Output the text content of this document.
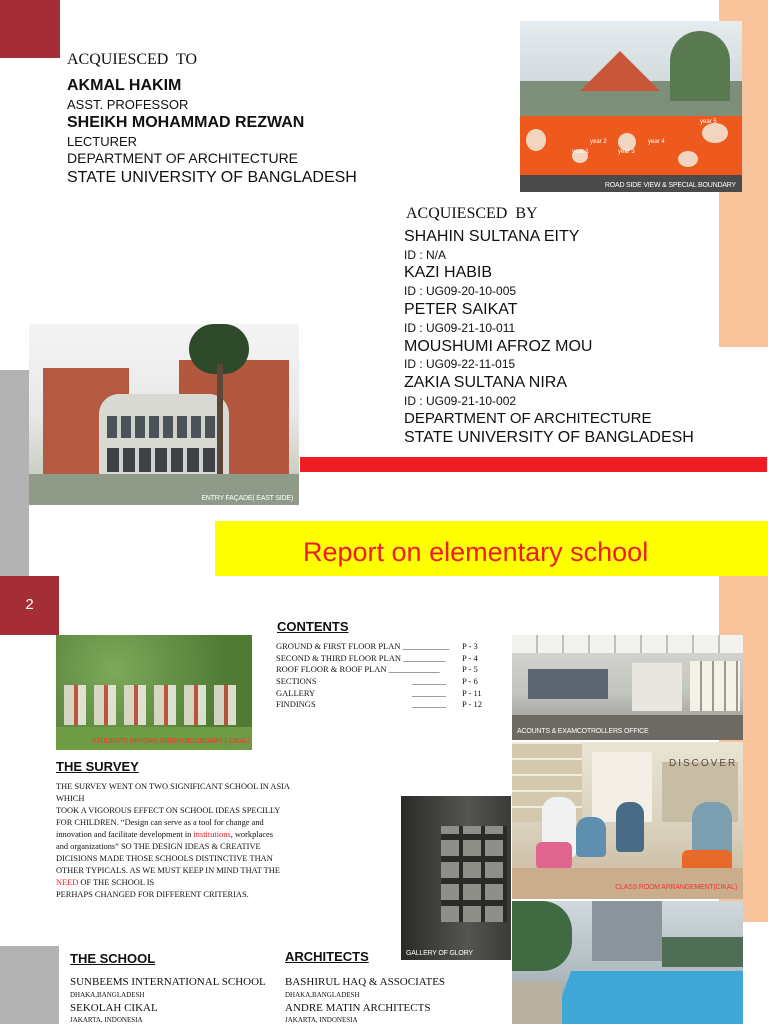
Report on elementary school
2
ACQUIESCED  TO
AKMAL HAKIM
ASST. PROFESSOR
SHEIKH MOHAMMAD REZWAN
LECTURER
DEPARTMENT OF ARCHITECTURE
STATE UNIVERSITY OF BANGLADESH
year 1
year 2
year 3
year 4
year 5
ROAD SIDE VIEW & SPECIAL BOUNDARY
ACQUIESCED  BY
SHAHIN SULTANA EITY
ID : N/A
KAZI HABIB
ID : UG09-20-10-005
PETER SAIKAT
ID : UG09-21-10-011
MOUSHUMI AFROZ MOU
ID : UG09-22-11-015
ZAKIA SULTANA NIRA
ID : UG09-21-10-002
DEPARTMENT OF ARCHITECTURE
STATE UNIVERSITY OF BANGLADESH
ENTRY FAÇADE( EAST SIDE)
STUDENTS BEFORE GREEN BOUNDARY ( CIKAL)
CONTENTS
GROUND & FIRST FLOOR PLAN ___________ P - 3
SECOND & THIRD FLOOR PLAN __________ P - 4
ROOF FLOOR & ROOF PLAN ____________	P - 5
SECTIONS	________ P - 6
GALLERY	________ P - 11
FINDINGS	________ P - 12
ACOUNTS & EXAMCOTROLLERS OFFICE
DISCOVER
CLASS ROOM ARRANGEMENT(CIKAL)
THE SURVEY
THE SURVEY WENT ON TWO SIGNIFICANT SCHOOL IN ASIA
WHICH
TOOK A VIGOROUS EFFECT ON SCHOOL IDEAS SPECILLY
FOR CHILDREN. “Design can serve as a tool for change and
innovation and facilitate development in institutions, workplaces
and organizations” SO THE DESIGN IDEAS & CREATIVE
DICISIONS MADE THOSE SCHOOLS DISTINCTIVE THAN
OTHER TYPICALS. AS WE MUST KEEP IN MIND THAT THE
NEED OF THE SCHOOL IS
PERHAPS CHANGED FOR DIFFERENT CRITERIAS.
GALLERY OF GLORY
THE SCHOOL
SUNBEEMS INTERNATIONAL SCHOOL
DHAKA,BANGLADESH
SEKOLAH CIKAL
JAKARTA, INDONESIA
ARCHITECTS
BASHIRUL HAQ & ASSOCIATES
DHAKA,BANGLADESH
ANDRE MATIN ARCHITECTS
JAKARTA, INDONESIA
